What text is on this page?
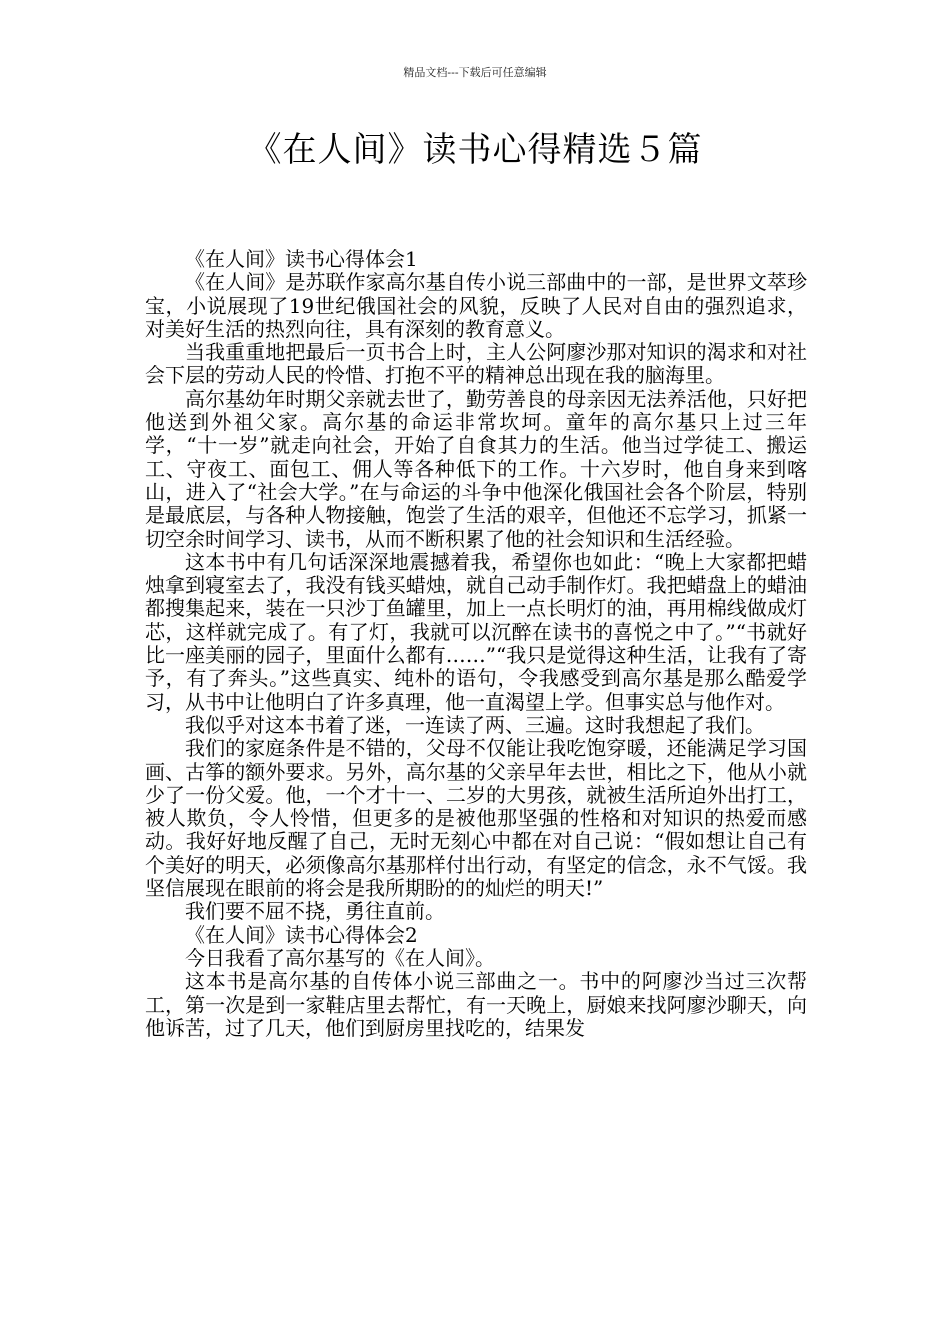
精品文档---下载后可任意编辑
《在人间》读书心得精选５篇

《在人间》读书心得体会1

《在人间》是苏联作家高尔基自传小说三部曲中的一部，是世界文萃珍宝，小说展现了19世纪俄国社会的风貌，反映了人民对自由的强烈追求，对美好生活的热烈向往，具有深刻的教育意义。

当我重重地把最后一页书合上时，主人公阿廖沙那对知识的渴求和对社会下层的劳动人民的怜惜、打抱不平的精神总出现在我的脑海里。

高尔基幼年时期父亲就去世了，勤劳善良的母亲因无法养活他，只好把他送到外祖父家。高尔基的命运非常坎坷。童年的高尔基只上过三年学，“十一岁”就走向社会，开始了自食其力的生活。他当过学徒工、搬运工、守夜工、面包工、佣人等各种低下的工作。十六岁时，他自身来到喀山，进入了“社会大学。”在与命运的斗争中他深化俄国社会各个阶层，特别是最底层，与各种人物接触，饱尝了生活的艰辛，但他还不忘学习，抓紧一切空余时间学习、读书，从而不断积累了他的社会知识和生活经验。

这本书中有几句话深深地震撼着我，希望你也如此：“晚上大家都把蜡烛拿到寝室去了，我没有钱买蜡烛，就自己动手制作灯。我把蜡盘上的蜡油都搜集起来，装在一只沙丁鱼罐里，加上一点长明灯的油，再用棉线做成灯芯，这样就完成了。有了灯，我就可以沉醉在读书的喜悦之中了。”“书就好比一座美丽的园子，里面什么都有……”“我只是觉得这种生活，让我有了寄予，有了奔头。”这些真实、纯朴的语句，令我感受到高尔基是那么酷爱学习，从书中让他明白了许多真理，他一直渴望上学。但事实总与他作对。

我似乎对这本书着了迷，一连读了两、三遍。这时我想起了我们。

我们的家庭条件是不错的，父母不仅能让我吃饱穿暖，还能满足学习国画、古筝的额外要求。另外，高尔基的父亲早年去世，相比之下，他从小就少了一份父爱。他，一个才十一、二岁的大男孩，就被生活所迫外出打工，被人欺负，令人怜惜，但更多的是被他那坚强的性格和对知识的热爱而感动。我好好地反醒了自己，无时无刻心中都在对自己说：“假如想让自己有个美好的明天，必须像高尔基那样付出行动，有坚定的信念，永不气馁。我坚信展现在眼前的将会是我所期盼的的灿烂的明天!”

我们要不屈不挠，勇往直前。

《在人间》读书心得体会2

今日我看了高尔基写的《在人间》。

这本书是高尔基的自传体小说三部曲之一。书中的阿廖沙当过三次帮工，第一次是到一家鞋店里去帮忙，有一天晚上，厨娘来找阿廖沙聊天，向他诉苦，过了几天，他们到厨房里找吃的，结果发
